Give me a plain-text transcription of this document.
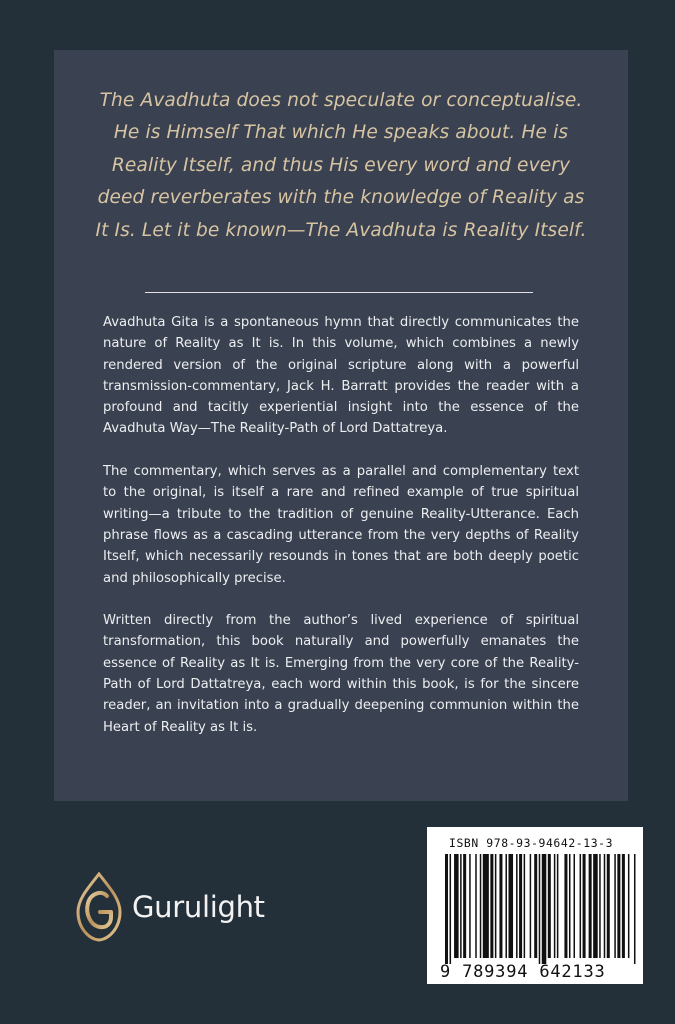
The Avadhuta does not speculate or conceptualise. He is Himself That which He speaks about. He is Reality Itself, and thus His every word and every deed reverberates with the knowledge of Reality as It Is. Let it be known—The Avadhuta is Reality Itself.

Avadhuta Gita is a spontaneous hymn that directly communicates the nature of Reality as It is. In this volume, which combines a newly rendered version of the original scripture along with a powerful transmission-commentary, Jack H. Barratt provides the reader with a profound and tacitly experiential insight into the essence of the Avadhuta Way—The Reality-Path of Lord Dattatreya.

The commentary, which serves as a parallel and complementary text to the original, is itself a rare and refined example of true spiritual writing—a tribute to the tradition of genuine Reality-Utterance. Each phrase flows as a cascading utterance from the very depths of Reality Itself, which necessarily resounds in tones that are both deeply poetic and philosophically precise.

Written directly from the author’s lived experience of spiritual transformation, this book naturally and powerfully emanates the essence of Reality as It is. Emerging from the very core of the Reality-Path of Lord Dattatreya, each word within this book, is for the sincere reader, an invitation into a gradually deepening communion within the Heart of Reality as It is.

Gurulight
ISBN 978-93-94642-13-3
9 789394 642133
